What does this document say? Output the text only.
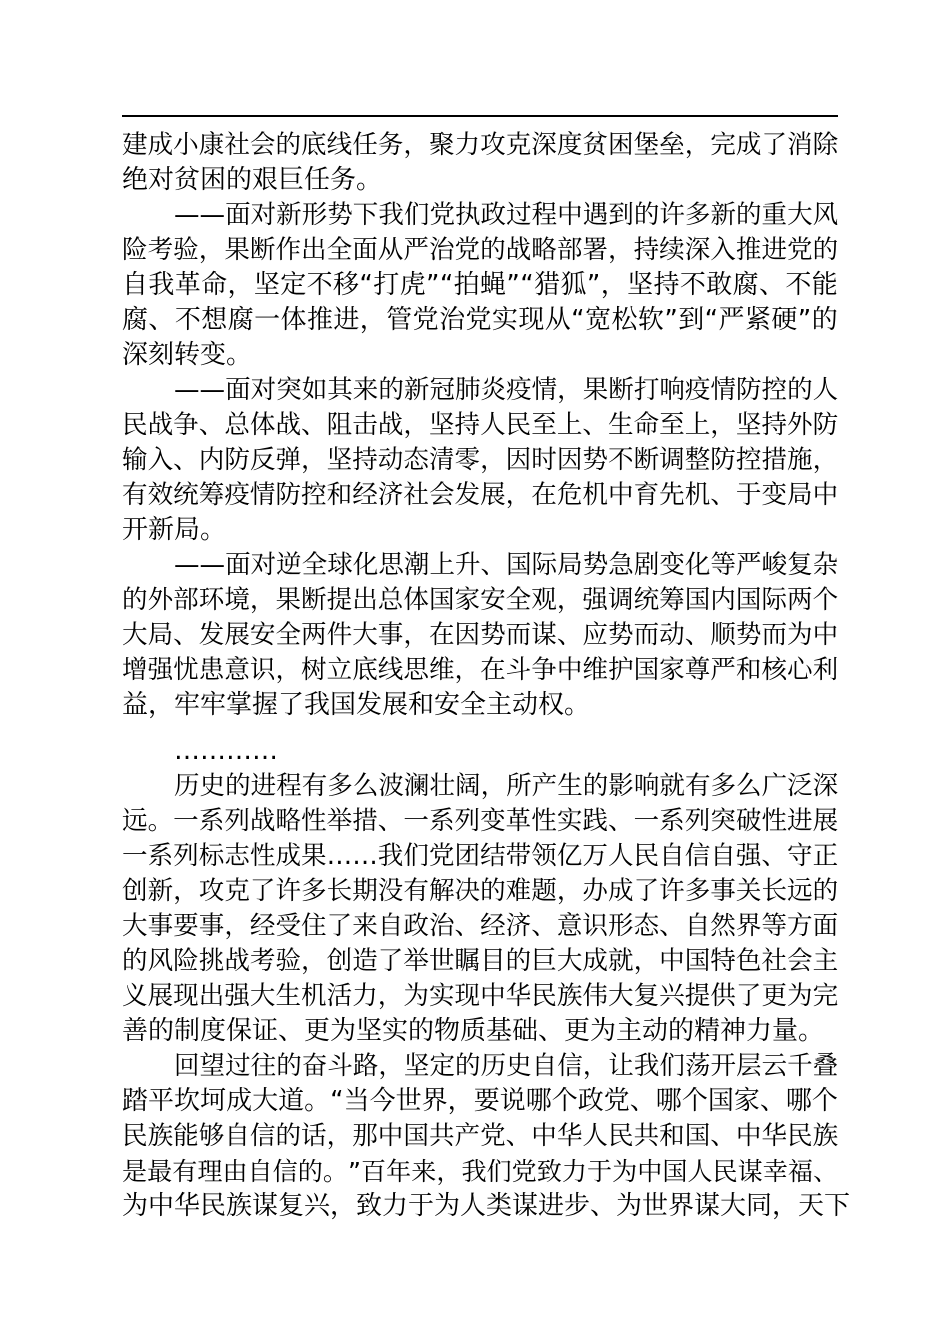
建 成 小 康 社 会 的 底 线 任 务 ， 聚 力 攻 克 深 度 贫 困 堡 垒 ， 完 成 了 消 除
绝对贫困的艰巨任务。
— — 面 对 新 形 势 下 我 们 党 执 政 过 程 中 遇 到 的 许 多 新 的 重 大 风
险 考 验 ， 果 断 作 出 全 面 从 严 治 党 的 战 略 部 署 ， 持 续 深 入 推 进 党 的
自 我 革 命 ， 坚 定 不 移 “ 打 虎 ” “ 拍 蝇 ” “ 猎 狐 ” ， 坚 持 不 敢 腐 、 不 能
腐 、 不 想 腐 一 体 推 进 ， 管 党 治 党 实 现 从 “ 宽 松 软 ” 到 “ 严 紧 硬 ” 的
深刻转变。
— — 面 对 突 如 其 来 的 新 冠 肺 炎 疫 情 ， 果 断 打 响 疫 情 防 控 的 人
民 战 争 、 总 体 战 、 阻 击 战 ， 坚 持 人 民 至 上 、 生 命 至 上 ， 坚 持 外 防
输 入 、 内 防 反 弹 ， 坚 持 动 态 清 零 ， 因 时 因 势 不 断 调 整 防 控 措 施 ，
有 效 统 筹 疫 情 防 控 和 经 济 社 会 发 展 ， 在 危 机 中 育 先 机 、 于 变 局 中
开新局。
— — 面 对 逆 全 球 化 思 潮 上 升 、 国 际 局 势 急 剧 变 化 等 严 峻 复 杂
的 外 部 环 境 ， 果 断 提 出 总 体 国 家 安 全 观 ， 强 调 统 筹 国 内 国 际 两 个
大 局 、 发 展 安 全 两 件 大 事 ， 在 因 势 而 谋 、 应 势 而 动 、 顺 势 而 为 中
增 强 忧 患 意 识 ， 树 立 底 线 思 维 ， 在 斗 争 中 维 护 国 家 尊 严 和 核 心 利
益，牢牢掌握了我国发展和安全主动权。
…………
历 史 的 进 程 有 多 么 波 澜 壮 阔 ， 所 产 生 的 影 响 就 有 多 么 广 泛 深
远 。 一 系 列 战 略 性 举 措 、 一 系 列 变 革 性 实 践 、 一 系 列 突 破 性 进 展
一 系 列 标 志 性 成 果 … … 我 们 党 团 结 带 领 亿 万 人 民 自 信 自 强 、 守 正
创 新 ， 攻 克 了 许 多 长 期 没 有 解 决 的 难 题 ， 办 成 了 许 多 事 关 长 远 的
大 事 要 事 ， 经 受 住 了 来 自 政 治 、 经 济 、 意 识 形 态 、 自 然 界 等 方 面
的 风 险 挑 战 考 验 ， 创 造 了 举 世 瞩 目 的 巨 大 成 就 ， 中 国 特 色 社 会 主
义 展 现 出 强 大 生 机 活 力 ， 为 实 现 中 华 民 族 伟 大 复 兴 提 供 了 更 为 完
善的制度保证、更为坚实的物质基础、更为主动的精神力量。
回 望 过 往 的 奋 斗 路 ， 坚 定 的 历 史 自 信 ， 让 我 们 荡 开 层 云 千 叠
踏 平 坎 坷 成 大 道 。 “ 当 今 世 界 ， 要 说 哪 个 政 党 、 哪 个 国 家 、 哪 个
民 族 能 够 自 信 的 话 ， 那 中 国 共 产 党 、 中 华 人 民 共 和 国 、 中 华 民 族
是 最 有 理 由 自 信 的 。 ” 百 年 来 ， 我 们 党 致 力 于 为 中 国 人 民 谋 幸 福 、
为中华民族谋复兴，致力于为人类谋进步、为世界谋大同，天下
